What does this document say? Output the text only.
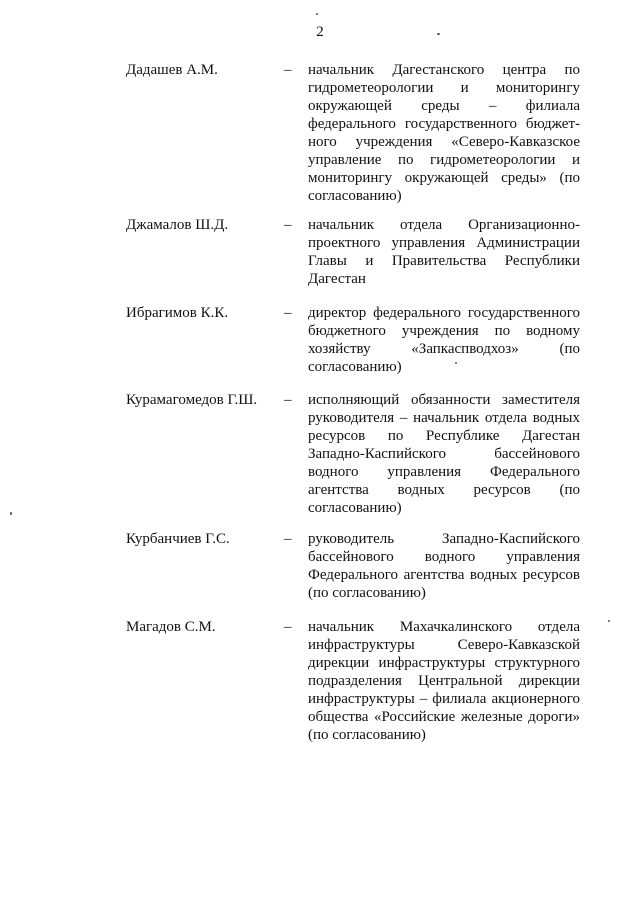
2
Дадашев А.М.	– начальник Дагестанского центра по гидрометеорологии и мониторингу окружающей среды – филиала федерального государственного бюджет-ного учреждения «Северо-Кавказское управление по гидрометеорологии и мониторингу окружающей среды» (по согласованию)
Джамалов Ш.Д.	– начальник отдела Организационно-проектного управления Администрации Главы и Правительства Республики Дагестан
Ибрагимов К.К.	– директор федерального государственного бюджетного учреждения по водному хозяйству «Запкаспводхоз» (по согласованию)
Курамагомедов Г.Ш. – исполняющий обязанности заместителя руководителя – начальник отдела водных ресурсов по Республике Дагестан Западно-Каспийского бассейнового водного управления Федерального агентства водных ресурсов (по согласованию)
Курбанчиев Г.С.	– руководитель Западно-Каспийского бассейнового водного управления Федерального агентства водных ресурсов (по согласованию)
Магадов С.М.	– начальник Махачкалинского отдела инфраструктуры Северо-Кавказской дирекции инфраструктуры структурного подразделения Центральной дирекции инфраструктуры – филиала акционерного общества «Российские железные дороги» (по согласованию)
